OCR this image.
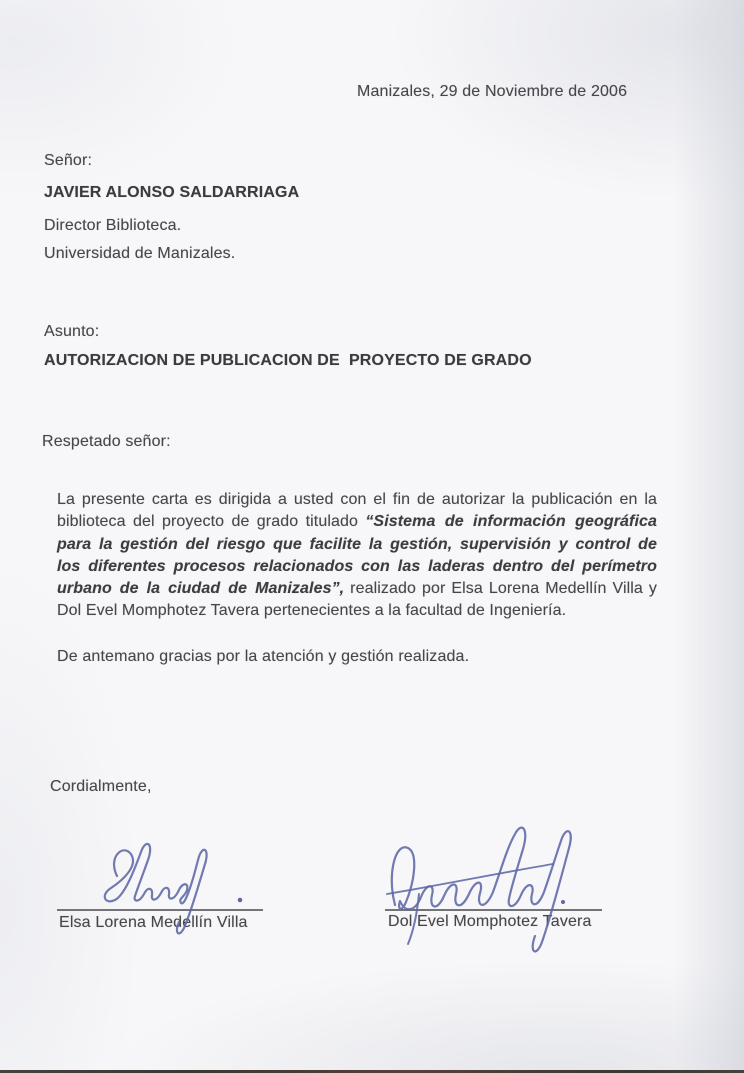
Manizales, 29 de Noviembre de 2006
Señor:
JAVIER ALONSO SALDARRIAGA
Director Biblioteca.
Universidad de Manizales.
Asunto:
AUTORIZACION DE PUBLICACION DE  PROYECTO DE GRADO
Respetado señor:
La presente carta es dirigida a usted con el fin de autorizar la publicación en la biblioteca del proyecto de grado titulado “Sistema de información geográfica para la gestión del riesgo que facilite la gestión, supervisión y control de los diferentes procesos relacionados con las laderas dentro del perímetro urbano de la ciudad de Manizales”, realizado por Elsa Lorena Medellín Villa y Dol Evel Momphotez Tavera pertenecientes a la facultad de Ingeniería.
De antemano gracias por la atención y gestión realizada.
Cordialmente,
Elsa Lorena Medellín Villa	Dol Evel Momphotez Tavera
